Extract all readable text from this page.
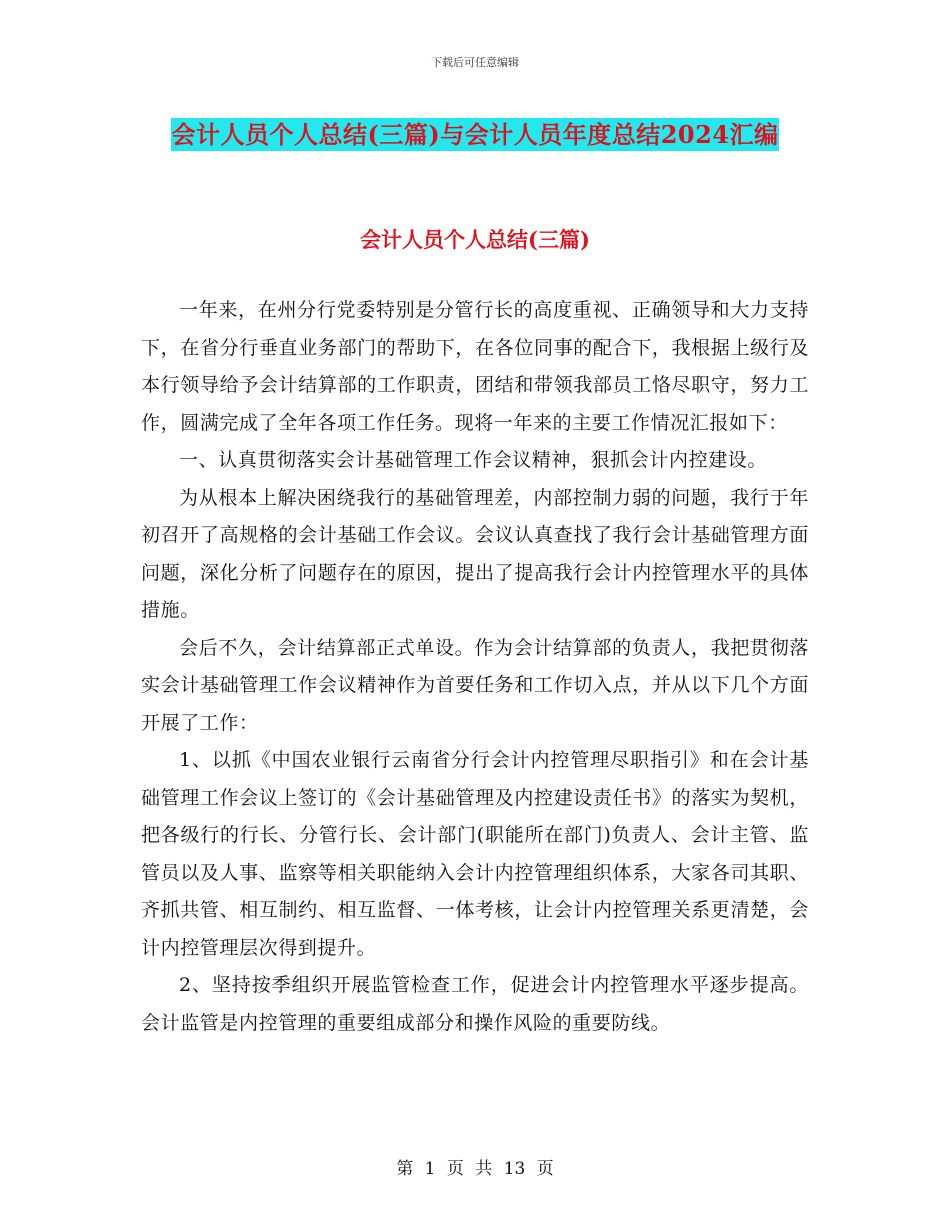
下载后可任意编辑
会计人员个人总结(三篇)与会计人员年度总结2024汇编
会计人员个人总结(三篇)

一年来，在州分行党委特别是分管行长的高度重视、正确领导和大力支持下，在省分行垂直业务部门的帮助下，在各位同事的配合下，我根据上级行及本行领导给予会计结算部的工作职责，团结和带领我部员工恪尽职守，努力工作，圆满完成了全年各项工作任务。现将一年来的主要工作情况汇报如下：

一、认真贯彻落实会计基础管理工作会议精神，狠抓会计内控建设。

为从根本上解决困绕我行的基础管理差，内部控制力弱的问题，我行于年初召开了高规格的会计基础工作会议。会议认真查找了我行会计基础管理方面问题，深化分析了问题存在的原因，提出了提高我行会计内控管理水平的具体措施。

会后不久，会计结算部正式单设。作为会计结算部的负责人，我把贯彻落实会计基础管理工作会议精神作为首要任务和工作切入点，并从以下几个方面开展了工作：

1、以抓《中国农业银行云南省分行会计内控管理尽职指引》和在会计基础管理工作会议上签订的《会计基础管理及内控建设责任书》的落实为契机，把各级行的行长、分管行长、会计部门(职能所在部门)负责人、会计主管、监管员以及人事、监察等相关职能纳入会计内控管理组织体系，大家各司其职、齐抓共管、相互制约、相互监督、一体考核，让会计内控管理关系更清楚，会计内控管理层次得到提升。

2、坚持按季组织开展监管检查工作，促进会计内控管理水平逐步提高。会计监管是内控管理的重要组成部分和操作风险的重要防线。

第 1 页 共 13 页
